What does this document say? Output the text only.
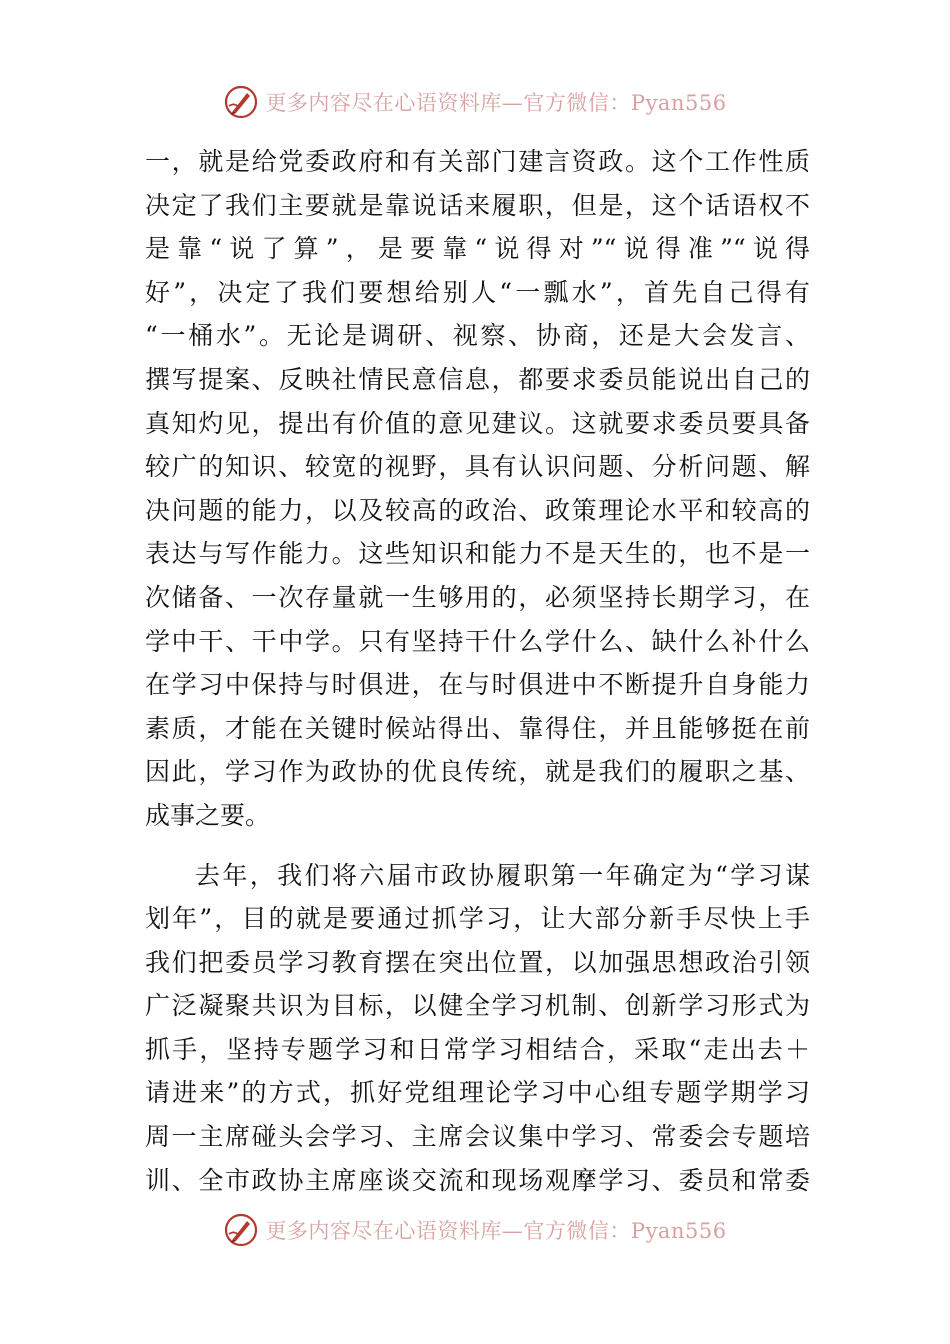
更多内容尽在心语资料库—官方微信：Pyan556
一，就是给党委政府和有关部门建言资政。这个工作性质
决定了我们主要就是靠说话来履职，但是，这个话语权不
是靠“说了算”，是要靠“说得对”“说得准”“说得
好”，决定了我们要想给别人“一瓢水”，首先自己得有
“一桶水”。无论是调研、视察、协商，还是大会发言、
撰写提案、反映社情民意信息，都要求委员能说出自己的
真知灼见，提出有价值的意见建议。这就要求委员要具备
较广的知识、较宽的视野，具有认识问题、分析问题、解
决问题的能力，以及较高的政治、政策理论水平和较高的
表达与写作能力。这些知识和能力不是天生的，也不是一
次储备、一次存量就一生够用的，必须坚持长期学习，在
学中干、干中学。只有坚持干什么学什么、缺什么补什么
在学习中保持与时俱进，在与时俱进中不断提升自身能力
素质，才能在关键时候站得出、靠得住，并且能够挺在前
因此，学习作为政协的优良传统，就是我们的履职之基、
成事之要。
去年，我们将六届市政协履职第一年确定为“学习谋
划年”，目的就是要通过抓学习，让大部分新手尽快上手
我们把委员学习教育摆在突出位置，以加强思想政治引领
广泛凝聚共识为目标，以健全学习机制、创新学习形式为
抓手，坚持专题学习和日常学习相结合，采取“走出去＋
请进来”的方式，抓好党组理论学习中心组专题学期学习
周一主席碰头会学习、主席会议集中学习、常委会专题培
训、全市政协主席座谈交流和现场观摩学习、委员和常委
更多内容尽在心语资料库—官方微信：Pyan556
